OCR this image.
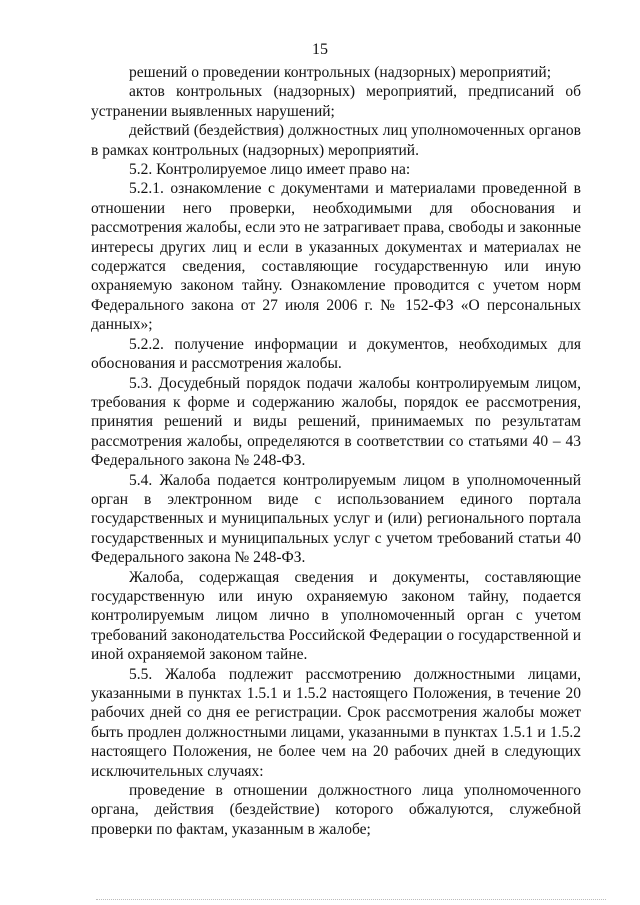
15

решений о проведении контрольных (надзорных) мероприятий;

актов контрольных (надзорных) мероприятий, предписаний об устранении выявленных нарушений;

действий (бездействия) должностных лиц уполномоченных органов в рамках контрольных (надзорных) мероприятий.

5.2. Контролируемое лицо имеет право на:

5.2.1. ознакомление с документами и материалами проведенной в отношении него проверки, необходимыми для обоснования и рассмотрения жалобы, если это не затрагивает права, свободы и законные интересы других лиц и если в указанных документах и материалах не содержатся сведения, составляющие государственную или иную охраняемую законом тайну. Ознакомление проводится с учетом норм Федерального закона от 27 июля 2006 г. № 152-ФЗ «О персональных данных»;

5.2.2. получение информации и документов, необходимых для обоснования и рассмотрения жалобы.

5.3. Досудебный порядок подачи жалобы контролируемым лицом, требования к форме и содержанию жалобы, порядок ее рассмотрения, принятия решений и виды решений, принимаемых по результатам рассмотрения жалобы, определяются в соответствии со статьями 40 – 43 Федерального закона № 248-ФЗ.

5.4. Жалоба подается контролируемым лицом в уполномоченный орган в электронном виде с использованием единого портала государственных и муниципальных услуг и (или) регионального портала государственных и муниципальных услуг с учетом требований статьи 40 Федерального закона № 248-ФЗ.

Жалоба, содержащая сведения и документы, составляющие государственную или иную охраняемую законом тайну, подается контролируемым лицом лично в уполномоченный орган с учетом требований законодательства Российской Федерации о государственной и иной охраняемой законом тайне.

5.5. Жалоба подлежит рассмотрению должностными лицами, указанными в пунктах 1.5.1 и 1.5.2 настоящего Положения, в течение 20 рабочих дней со дня ее регистрации. Срок рассмотрения жалобы может быть продлен должностными лицами, указанными в пунктах 1.5.1 и 1.5.2 настоящего Положения, не более чем на 20 рабочих дней в следующих исключительных случаях:

проведение в отношении должностного лица уполномоченного органа, действия (бездействие) которого обжалуются, служебной проверки по фактам, указанным в жалобе;
